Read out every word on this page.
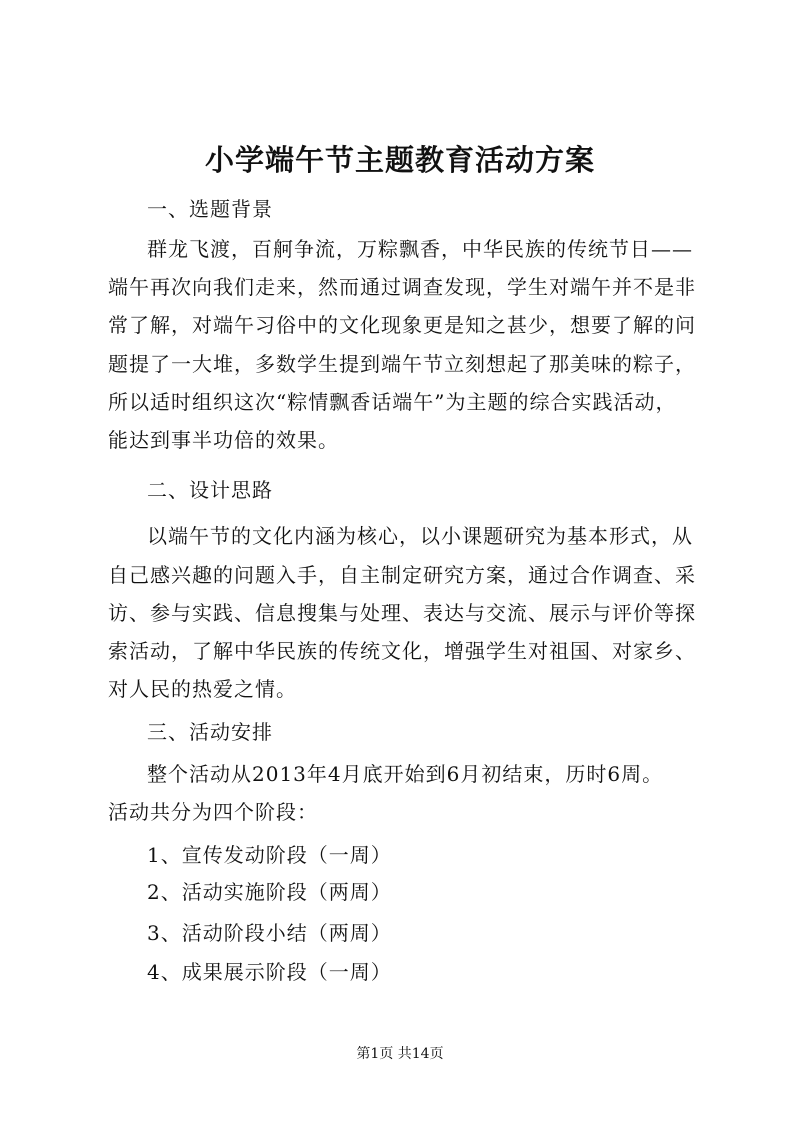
小学端午节主题教育活动方案
一、选题背景
群龙飞渡，百舸争流，万粽飘香，中华民族的传统节日——
端午再次向我们走来，然而通过调查发现，学生对端午并不是非
常了解，对端午习俗中的文化现象更是知之甚少，想要了解的问
题提了一大堆，多数学生提到端午节立刻想起了那美味的粽子，
所以适时组织这次“粽情飘香话端午”为主题的综合实践活动，
能达到事半功倍的效果。
二、设计思路
以端午节的文化内涵为核心，以小课题研究为基本形式，从
自己感兴趣的问题入手，自主制定研究方案，通过合作调查、采
访、参与实践、信息搜集与处理、表达与交流、展示与评价等探
索活动，了解中华民族的传统文化，增强学生对祖国、对家乡、
对人民的热爱之情。
三、活动安排
整个活动从2013年4月底开始到6月初结束，历时6周。
活动共分为四个阶段：
1、宣传发动阶段（一周）
2、活动实施阶段（两周）
3、活动阶段小结（两周）
4、成果展示阶段（一周）
第1页 共14页
